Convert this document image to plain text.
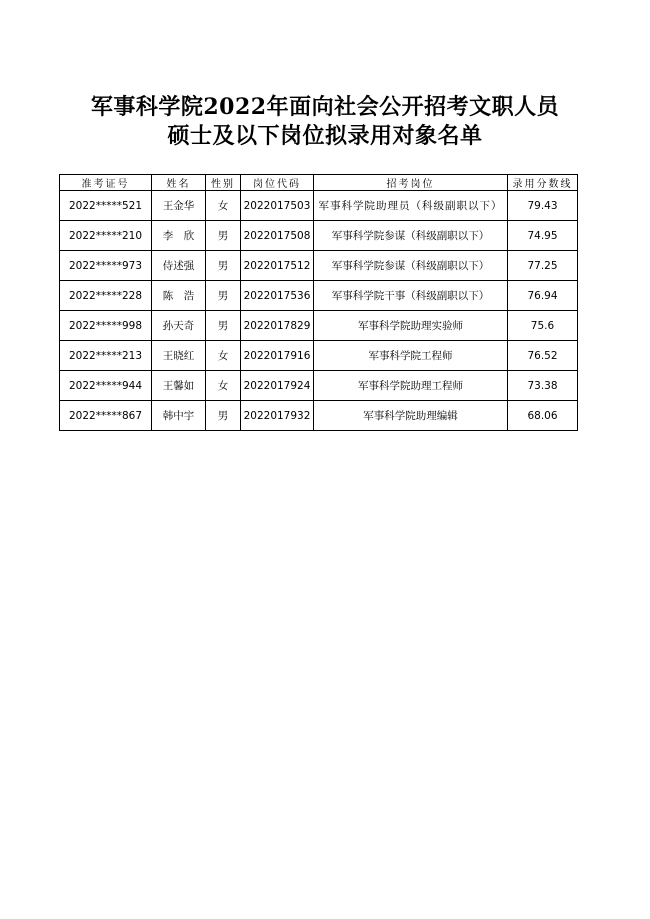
军事科学院2022年面向社会公开招考文职人员
硕士及以下岗位拟录用对象名单
准考证号	姓名	性别	岗位代码	招考岗位	录用分数线
2022*****521	王金华	女	2022017503	军事科学院助理员（科级副职以下）	79.43
2022*****210	李　欣	男	2022017508	军事科学院参谋（科级副职以下）	74.95
2022*****973	侍述强	男	2022017512	军事科学院参谋（科级副职以下）	77.25
2022*****228	陈　浩	男	2022017536	军事科学院干事（科级副职以下）	76.94
2022*****998	孙天奇	男	2022017829	军事科学院助理实验师	75.6
2022*****213	王晓红	女	2022017916	军事科学院工程师	76.52
2022*****944	王馨如	女	2022017924	军事科学院助理工程师	73.38
2022*****867	韩中宇	男	2022017932	军事科学院助理编辑	68.06
